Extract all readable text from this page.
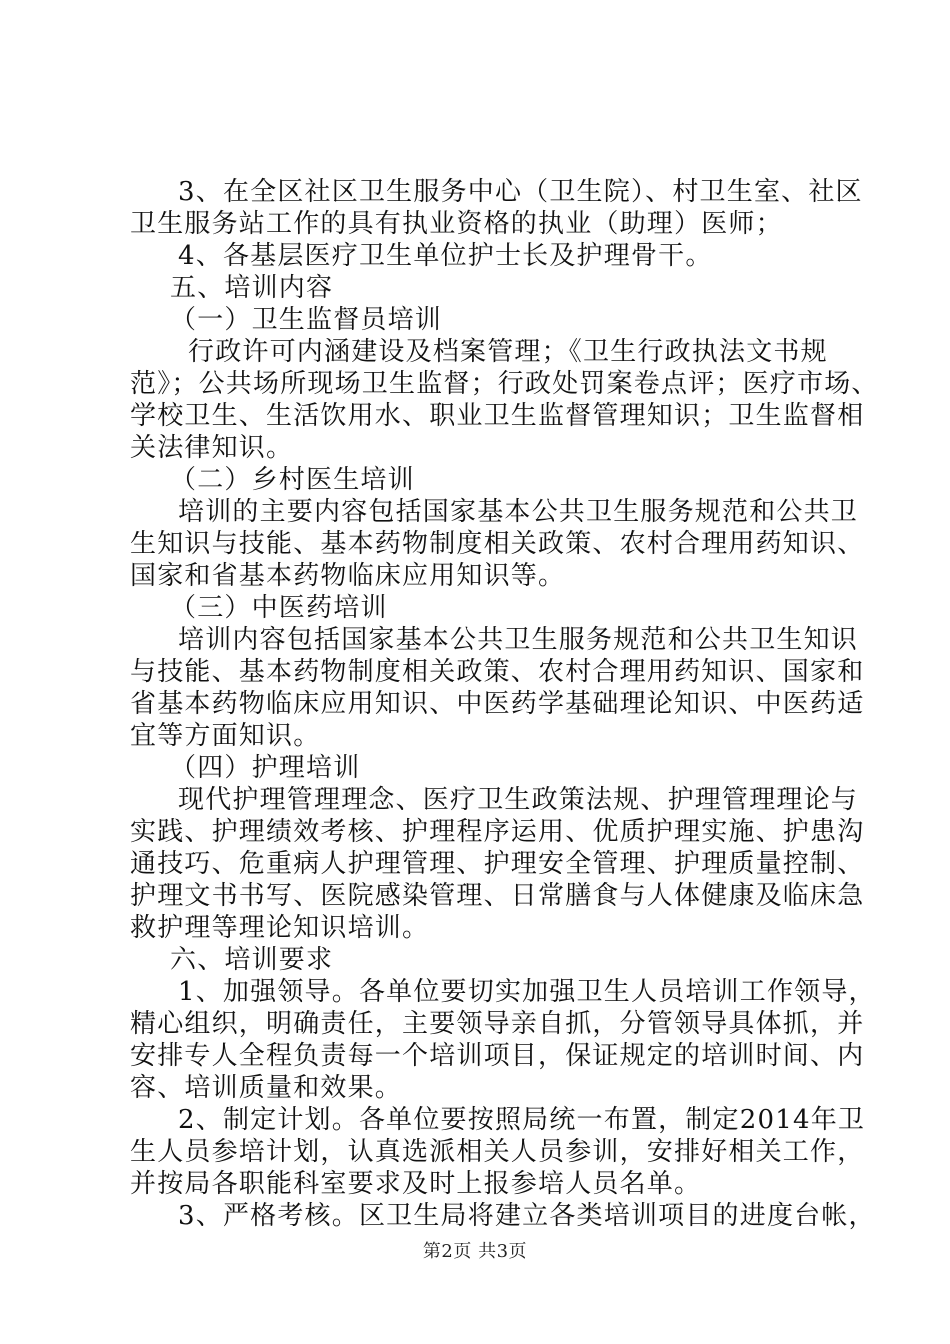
3、在全区社区卫生服务中心（卫生院）、村卫生室、社区
卫生服务站工作的具有执业资格的执业（助理）医师；
4、各基层医疗卫生单位护士长及护理骨干。
五、培训内容
（一）卫生监督员培训
行政许可内涵建设及档案管理；《卫生行政执法文书规
范》；公共场所现场卫生监督；行政处罚案卷点评；医疗市场、
学校卫生、生活饮用水、职业卫生监督管理知识；卫生监督相
关法律知识。
（二）乡村医生培训
培训的主要内容包括国家基本公共卫生服务规范和公共卫
生知识与技能、基本药物制度相关政策、农村合理用药知识、
国家和省基本药物临床应用知识等。
（三）中医药培训
培训内容包括国家基本公共卫生服务规范和公共卫生知识
与技能、基本药物制度相关政策、农村合理用药知识、国家和
省基本药物临床应用知识、中医药学基础理论知识、中医药适
宜等方面知识。
（四）护理培训
现代护理管理理念、医疗卫生政策法规、护理管理理论与
实践、护理绩效考核、护理程序运用、优质护理实施、护患沟
通技巧、危重病人护理管理、护理安全管理、护理质量控制、
护理文书书写、医院感染管理、日常膳食与人体健康及临床急
救护理等理论知识培训。
六、培训要求
1、加强领导。各单位要切实加强卫生人员培训工作领导，
精心组织，明确责任，主要领导亲自抓，分管领导具体抓，并
安排专人全程负责每一个培训项目，保证规定的培训时间、内
容、培训质量和效果。
2、制定计划。各单位要按照局统一布置，制定2014年卫
生人员参培计划，认真选派相关人员参训，安排好相关工作，
并按局各职能科室要求及时上报参培人员名单。
3、严格考核。区卫生局将建立各类培训项目的进度台帐，
第2页 共3页
